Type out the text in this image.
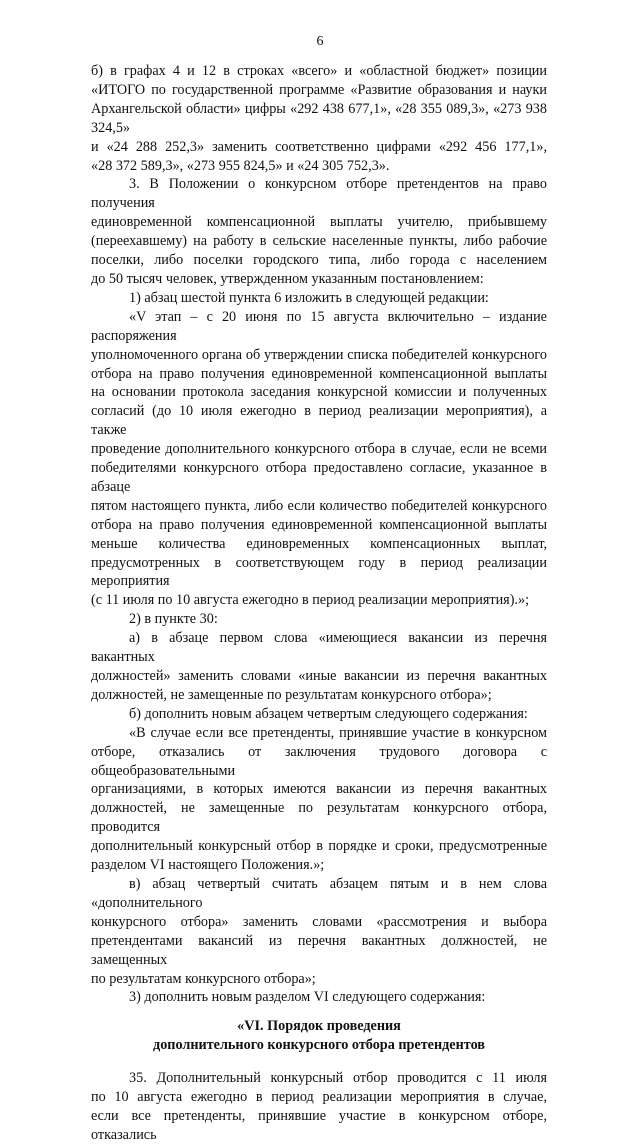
6

б) в графах 4 и 12 в строках «всего» и «областной бюджет» позиции

«ИТОГО по государственной программе «Развитие образования и науки

Архангельской области» цифры «292 438 677,1», «28 355 089,3», «273 938 324,5»

и «24 288 252,3» заменить соответственно цифрами «292 456 177,1»,

«28 372 589,3», «273 955 824,5» и «24 305 752,3».

3. В Положении о конкурсном отборе претендентов на право получения

единовременной компенсационной выплаты учителю, прибывшему

(переехавшему) на работу в сельские населенные пункты, либо рабочие

поселки, либо поселки городского типа, либо города с населением

до 50 тысяч человек, утвержденном указанным постановлением:

1) абзац шестой пункта 6 изложить в следующей редакции:

«V этап – с 20 июня по 15 августа включительно – издание распоряжения

уполномоченного органа об утверждении списка победителей конкурсного

отбора на право получения единовременной компенсационной выплаты

на основании протокола заседания конкурсной комиссии и полученных

согласий (до 10 июля ежегодно в период реализации мероприятия), а также

проведение дополнительного конкурсного отбора в случае, если не всеми

победителями конкурсного отбора предоставлено согласие, указанное в абзаце

пятом настоящего пункта, либо если количество победителей конкурсного

отбора на право получения единовременной компенсационной выплаты

меньше количества единовременных компенсационных выплат,

предусмотренных в соответствующем году в период реализации мероприятия

(с 11 июля по 10 августа ежегодно в период реализации мероприятия).»;

2) в пункте 30:

а) в абзаце первом слова «имеющиеся вакансии из перечня вакантных

должностей» заменить словами «иные вакансии из перечня вакантных

должностей, не замещенные по результатам конкурсного отбора»;

б) дополнить новым абзацем четвертым следующего содержания:

«В случае если все претенденты, принявшие участие в конкурсном

отборе, отказались от заключения трудового договора с общеобразовательными

организациями, в которых имеются вакансии из перечня вакантных

должностей, не замещенные по результатам конкурсного отбора, проводится

дополнительный конкурсный отбор в порядке и сроки, предусмотренные

разделом VI настоящего Положения.»;

в) абзац четвертый считать абзацем пятым и в нем слова «дополнительного

конкурсного отбора» заменить словами «рассмотрения и выбора

претендентами вакансий из перечня вакантных должностей, не замещенных

по результатам конкурсного отбора»;

3) дополнить новым разделом VI следующего содержания:

«VI. Порядок проведения

дополнительного конкурсного отбора претендентов

35. Дополнительный конкурсный отбор проводится с 11 июля

по 10 августа ежегодно в период реализации мероприятия в случае,

если все претенденты, принявшие участие в конкурсном отборе, отказались
